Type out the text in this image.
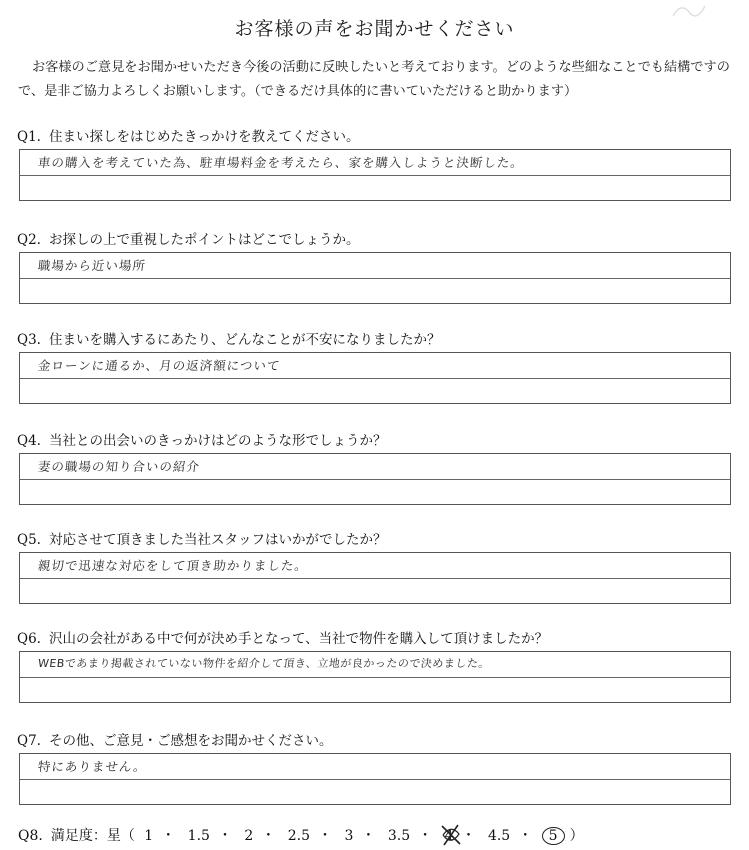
お客様の声をお聞かせください
お客様のご意見をお聞かせいただき今後の活動に反映したいと考えております。どのような些細なことでも結構ですので、是非ご協力よろしくお願いします。（できるだけ具体的に書いていただけると助かります）
Q1. 住まい探しをはじめたきっかけを教えてください。
車の購入を考えていた為、駐車場料金を考えたら、家を購入しようと決断した。
Q2. お探しの上で重視したポイントはどこでしょうか。
職場から近い場所
Q3. 住まいを購入するにあたり、どんなことが不安になりましたか？
金ローンに通るか、月の返済額について
Q4. 当社との出会いのきっかけはどのような形でしょうか？
妻の職場の知り合いの紹介
Q5. 対応させて頂きました当社スタッフはいかがでしたか？
親切で迅速な対応をして頂き助かりました。
Q6. 沢山の会社がある中で何が決め手となって、当社で物件を購入して頂けましたか？
WEBであまり掲載されていない物件を紹介して頂き、立地が良かったので決めました。
Q7. その他、ご意見・ご感想をお聞かせください。
特にありません。
Q8. 満足度：星（ 1 ・ 1.5 ・ 2 ・ 2.5 ・ 3 ・ 3.5 ・ 4 ・ 4.5 ・ 5 ）
